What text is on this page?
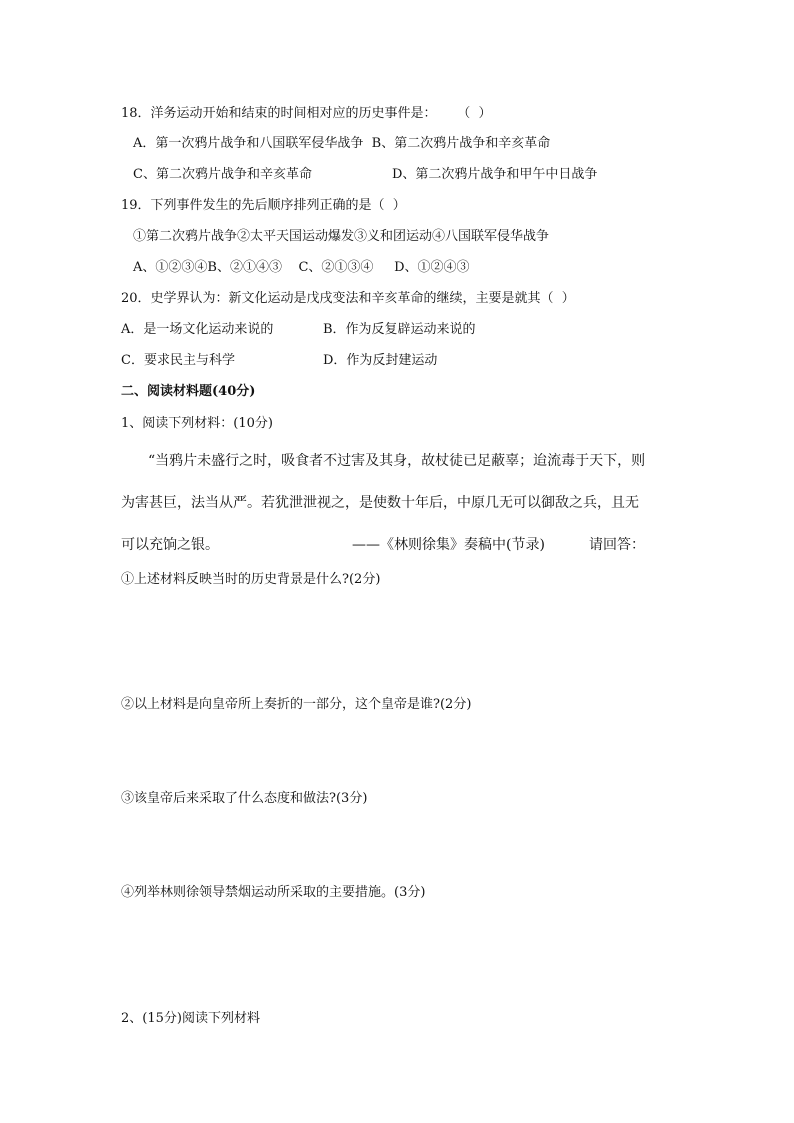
18．洋务运动开始和结束的时间相对应的历史事件是：     （  ）
A．第一次鸦片战争和八国联军侵华战争  B、第二次鸦片战争和辛亥革命
C、第二次鸦片战争和辛亥革命	D、第二次鸦片战争和甲午中日战争
19．下列事件发生的先后顺序排列正确的是（  ）
①第二次鸦片战争②太平天国运动爆发③义和团运动④八国联军侵华战争
A、①②③④B、②①④③    C、②①③④     D、①②④③
20．史学界认为：新文化运动是戊戌变法和辛亥革命的继续，主要是就其（  ）
A．是一场文化运动来说的	B．作为反复辟运动来说的
C．要求民主与科学	D．作为反封建运动
二、阅读材料题(40分)
1、阅读下列材料：(10分)
“当鸦片未盛行之时，吸食者不过害及其身，故杖徒已足蔽辜；迨流毒于天下，则
为害甚巨，法当从严。若犹泄泄视之，是使数十年后，中原几无可以御敌之兵，且无
可以充饷之银。	——《林则徐集》奏稿中(节录)	请回答：
①上述材料反映当时的历史背景是什么?(2分)
②以上材料是向皇帝所上奏折的一部分，这个皇帝是谁?(2分)
③该皇帝后来采取了什么态度和做法?(3分)
④列举林则徐领导禁烟运动所采取的主要措施。(3分)
2、(15分)阅读下列材料
